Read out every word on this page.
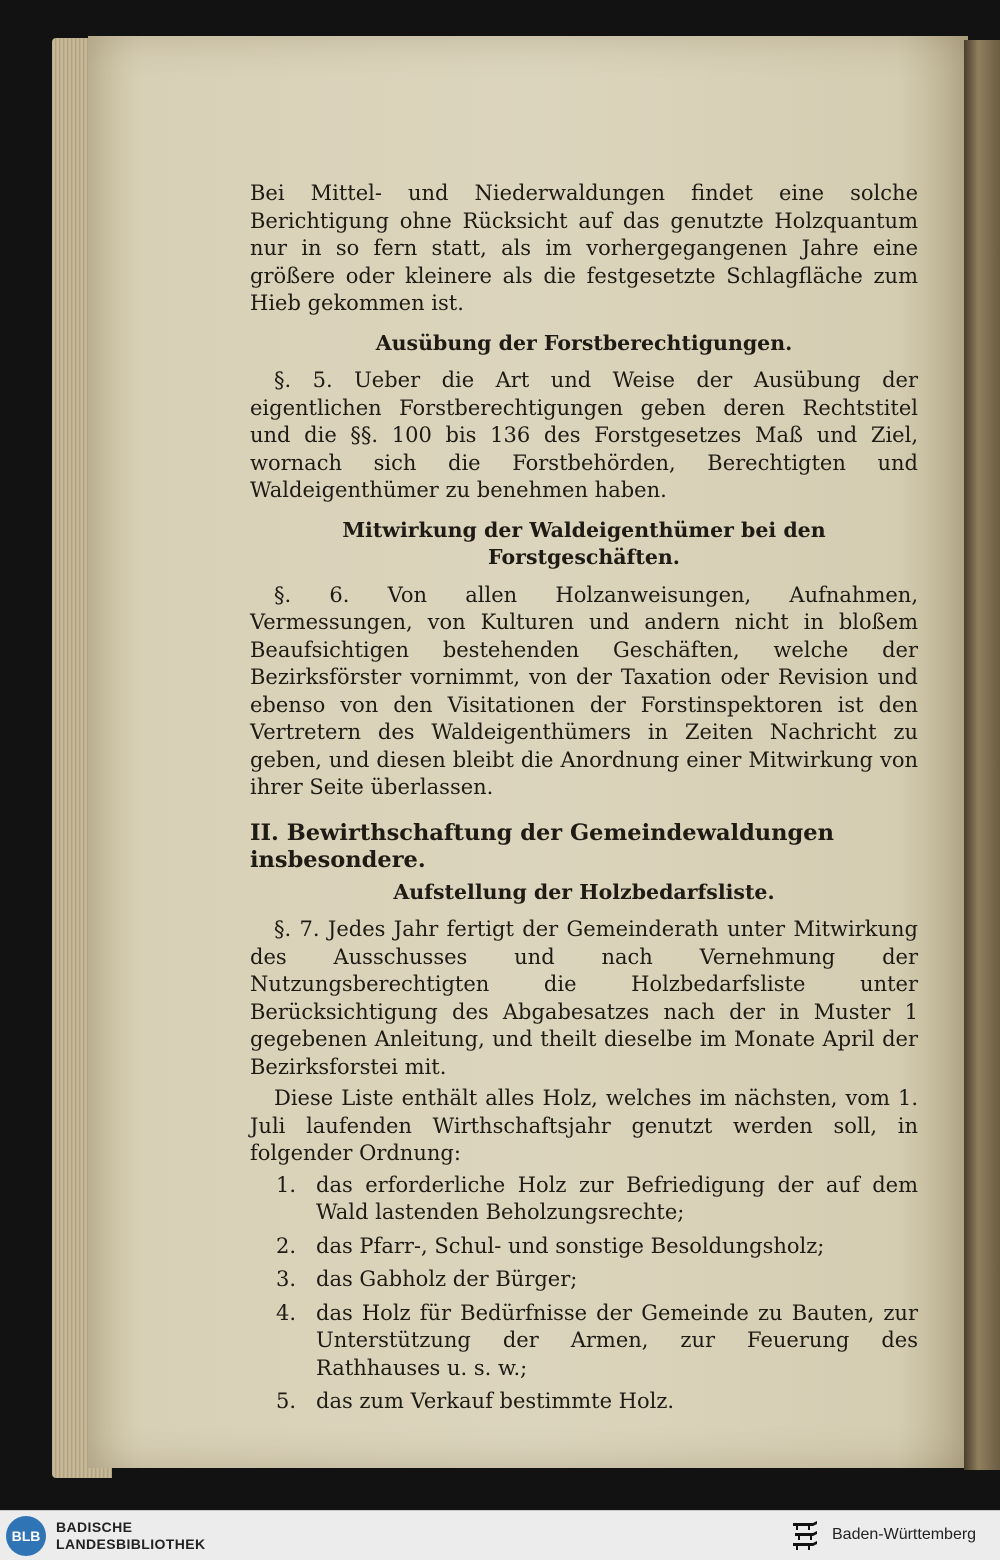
Bei Mittel- und Niederwaldungen findet eine solche Berichtigung ohne Rücksicht auf das genutzte Holzquantum nur in so fern statt, als im vorhergegangenen Jahre eine größere oder kleinere als die festgesetzte Schlagfläche zum Hieb gekommen ist.

Ausübung der Forstberechtigungen.

§. 5. Ueber die Art und Weise der Ausübung der eigentlichen Forstberechtigungen geben deren Rechtstitel und die §§. 100 bis 136 des Forstgesetzes Maß und Ziel, wornach sich die Forstbehörden, Berechtigten und Waldeigenthümer zu benehmen haben.

Mitwirkung der Waldeigenthümer bei den Forstgeschäften.

§. 6. Von allen Holzanweisungen, Aufnahmen, Vermessungen, von Kulturen und andern nicht in bloßem Beaufsichtigen bestehenden Geschäften, welche der Bezirksförster vornimmt, von der Taxation oder Revision und ebenso von den Visitationen der Forstinspektoren ist den Vertretern des Waldeigenthümers in Zeiten Nachricht zu geben, und diesen bleibt die Anordnung einer Mitwirkung von ihrer Seite überlassen.

II. Bewirthschaftung der Gemeindewaldungen insbesondere.
Aufstellung der Holzbedarfsliste.

§. 7. Jedes Jahr fertigt der Gemeinderath unter Mitwirkung des Ausschusses und nach Vernehmung der Nutzungsberechtigten die Holzbedarfsliste unter Berücksichtigung des Abgabesatzes nach der in Muster 1 gegebenen Anleitung, und theilt dieselbe im Monate April der Bezirksforstei mit.

Diese Liste enthält alles Holz, welches im nächsten, vom 1. Juli laufenden Wirthschaftsjahr genutzt werden soll, in folgender Ordnung:

1. das erforderliche Holz zur Befriedigung der auf dem Wald lastenden Beholzungsrechte;
2. das Pfarr-, Schul- und sonstige Besoldungsholz;
3. das Gabholz der Bürger;
4. das Holz für Bedürfnisse der Gemeinde zu Bauten, zur Unterstützung der Armen, zur Feuerung des Rathhauses u. s. w.;
5. das zum Verkauf bestimmte Holz.
BLB
BADISCHE
LANDESBIBLIOTHEK
Baden-Württemberg
